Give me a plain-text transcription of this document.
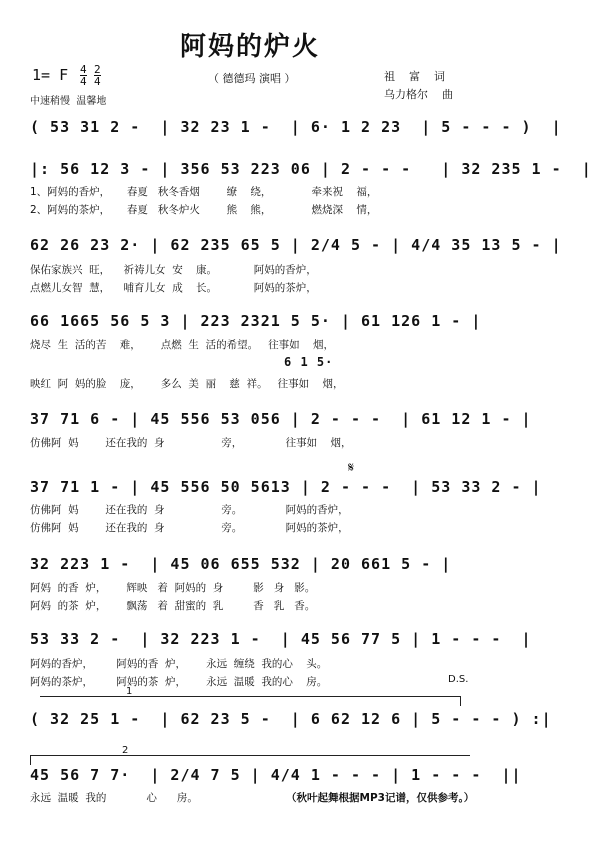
阿妈的炉火
1= F 4
4
2
4	（ 德德玛 演唱 ）	祖    富    词
乌力格尔    曲
中速稍慢  温馨地
( 53 31 2 -  | 32 23 1 -  | 6· 1 2 23  | 5 - - - )  |
|: 56 12 3 - | 356 53 223 06 | 2 - - -   | 32 235 1 -  |
1、阿妈的香炉，     春夏   秋冬香烟        缭    绕，            牵来祝    福，
2、阿妈的茶炉，     春夏   秋冬炉火        熊    熊，            燃烧深    情，
62 26 23 2· | 62 235 65 5 | 2/4 5 - | 4/4 35 13 5 - |
保佑家族兴  旺，    祈祷儿女  安    康。           阿妈的香炉，
点燃儿女智  慧，    哺育儿女  成    长。           阿妈的茶炉，
66 1665 56 5 3 | 223 2321 5 5· | 61 126 1 - |
烧尽  生  活的苦    难，      点燃  生  活的希望。   往事如    烟，
6 1 5·
映红  阿  妈的脸    庞，      多么  美  丽    慈  祥。   往事如    烟，
37 71 6 - | 45 556 53 056 | 2 - - -  | 61 12 1 - |
仿佛阿  妈        还在我的  身                 旁，             往事如    烟，
37 71 1 - | 45 556 50 5613 | 2 - - -  | 53 33 2 - |
𝄋
仿佛阿  妈        还在我的  身                 旁。             阿妈的香炉，
仿佛阿  妈        还在我的  身                 旁。             阿妈的茶炉，
32 223 1 -  | 45 06 655 532 | 20 661 5 - |
阿妈  的香  炉，      辉映   着  阿妈的  身         影   身   影。
阿妈  的茶  炉，      飘荡   着  甜蜜的  乳         香   乳   香。
53 33 2 -  | 32 223 1 -  | 45 56 77 5 | 1 - - -  |
阿妈的香炉，       阿妈的香  炉，      永远  缠绕  我的心    头。
阿妈的茶炉，       阿妈的茶  炉，      永远  温暖  我的心    房。	D.S.
1
( 32 25 1 -  | 62 23 5 -  | 6 62 12 6 | 5 - - - ) :|
2
45 56 7 7·  | 2/4 7 5 | 4/4 1 - - - | 1 - - -  ||
永远  温暖  我的            心      房。	（秋叶起舞根据MP3记谱，仅供参考。）
